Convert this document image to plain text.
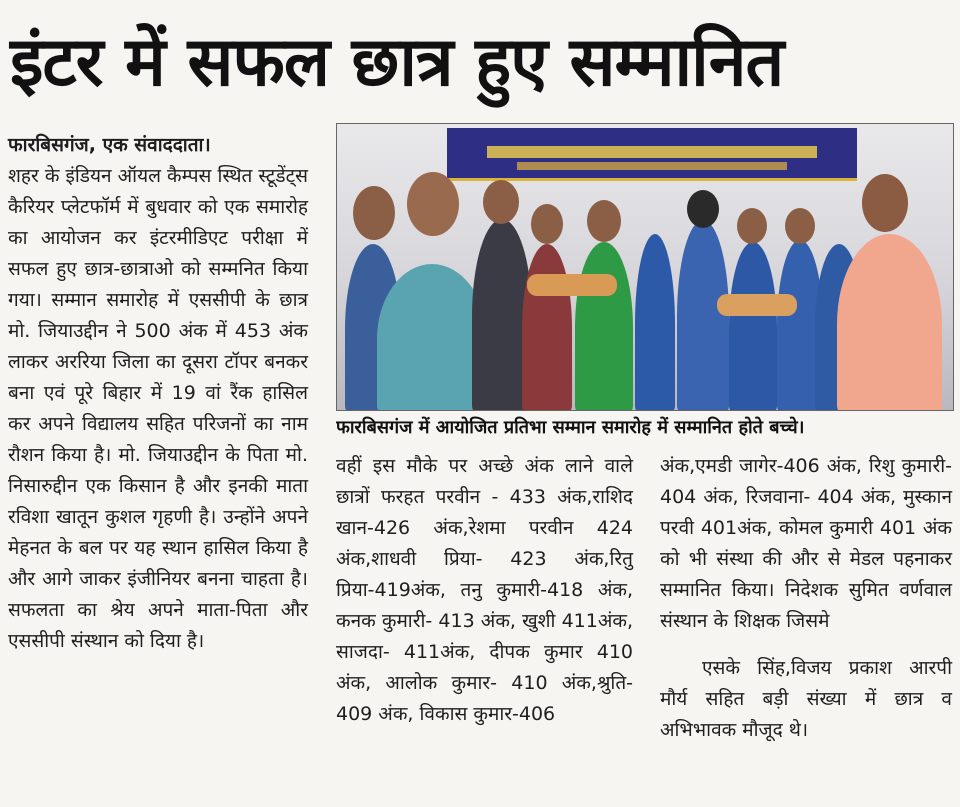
इंटर में सफल छात्र हुए सम्मानित

फारबिसगंज, एक संवाददाता।

शहर के इंडियन ऑयल कैम्पस स्थित स्टूडेंट्स कैरियर प्लेटफॉर्म में बुधवार को एक समारोह का आयोजन कर इंटरमीडिएट परीक्षा में सफल हुए छात्र-छात्राओ को सम्मनित किया गया। सम्मान समारोह में एससीपी के छात्र मो. जियाउद्दीन ने 500 अंक में 453 अंक लाकर अररिया जिला का दूसरा टॉपर बनकर बना एवं पूरे बिहार में 19 वां रैंक हासिल कर अपने विद्यालय सहित परिजनों का नाम रौशन किया है। मो. जियाउद्दीन के पिता मो. निसारुद्दीन एक किसान है और इनकी माता रविशा खातून कुशल गृहणी है। उन्होंने अपने मेहनत के बल पर यह स्थान हासिल किया है और आगे जाकर इंजीनियर बनना चाहता है। सफलता का श्रेय अपने माता-पिता और एससीपी संस्थान को दिया है।

फारबिसगंज में आयोजित प्रतिभा सम्मान समारोह में सम्मानित होते बच्चे।

वहीं इस मौके पर अच्छे अंक लाने वाले छात्रों फरहत परवीन - 433 अंक,राशिद खान-426 अंक,रेशमा परवीन 424 अंक,शाधवी प्रिया- 423 अंक,रितु प्रिया-419अंक, तनु कुमारी-418 अंक, कनक कुमारी- 413 अंक, खुशी 411अंक, साजदा- 411अंक, दीपक कुमार 410 अंक, आलोक कुमार- 410 अंक,श्रुति- 409 अंक, विकास कुमार-406

अंक,एमडी जागेर-406 अंक, रिशु कुमारी- 404 अंक, रिजवाना- 404 अंक, मुस्कान परवी 401अंक, कोमल कुमारी 401 अंक को भी संस्था की और से मेडल पहनाकर सम्मानित किया। निदेशक सुमित वर्णवाल संस्थान के शिक्षक जिसमे

एसके सिंह,विजय प्रकाश आरपी मौर्य सहित बड़ी संख्या में छात्र व अभिभावक मौजूद थे।
